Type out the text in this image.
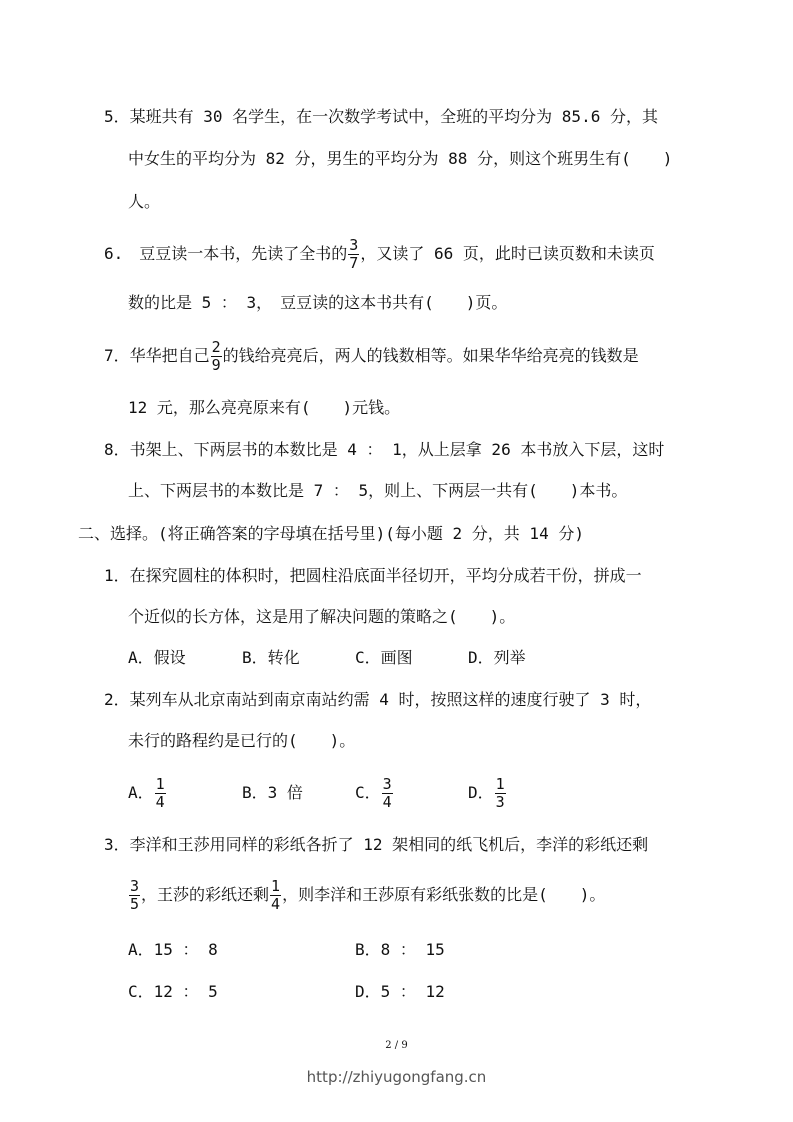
5．某班共有 30 名学生，在一次数学考试中，全班的平均分为 85.6 分，其
中女生的平均分为 82 分，男生的平均分为 88 分，则这个班男生有(　　)
人。
6.　豆豆读一本书，先读了全书的 $\frac{3}{7}$ ，又读了 66 页，此时已读页数和未读页
数的比是 5 ： 3，　豆豆读的这本书共有(　　)页。
7．华华把自己 $\frac{2}{9}$ 的钱给亮亮后，两人的钱数相等。如果华华给亮亮的钱数是
12 元，那么亮亮原来有(　　)元钱。
8．书架上、下两层书的本数比是 4 ： 1，从上层拿 26 本书放入下层，这时
上、下两层书的本数比是 7 ： 5，则上、下两层一共有(　　)本书。
二、选择。(将正确答案的字母填在括号里)(每小题 2 分，共 14 分)
1．在探究圆柱的体积时，把圆柱沿底面半径切开，平均分成若干份，拼成一
个近似的长方体，这是用了解决问题的策略之(　　)。
A．假设	B．转化	C．画图	D．列举
2．某列车从北京南站到南京南站约需 4 时，按照这样的速度行驶了 3 时，
未行的路程约是已行的(　　)。
A． $\frac{1}{4}$	B．3 倍	C． $\frac{3}{4}$	D． $\frac{1}{3}$
3．李洋和王莎用同样的彩纸各折了 12 架相同的纸飞机后，李洋的彩纸还剩
$\frac{3}{5}$ ，王莎的彩纸还剩 $\frac{1}{4}$ ，则李洋和王莎原有彩纸张数的比是(　　)。
A．15 ： 8	B．8 ： 15
C．12 ： 5	D．5 ： 12
2 / 9
http://zhiyugongfang.cn
